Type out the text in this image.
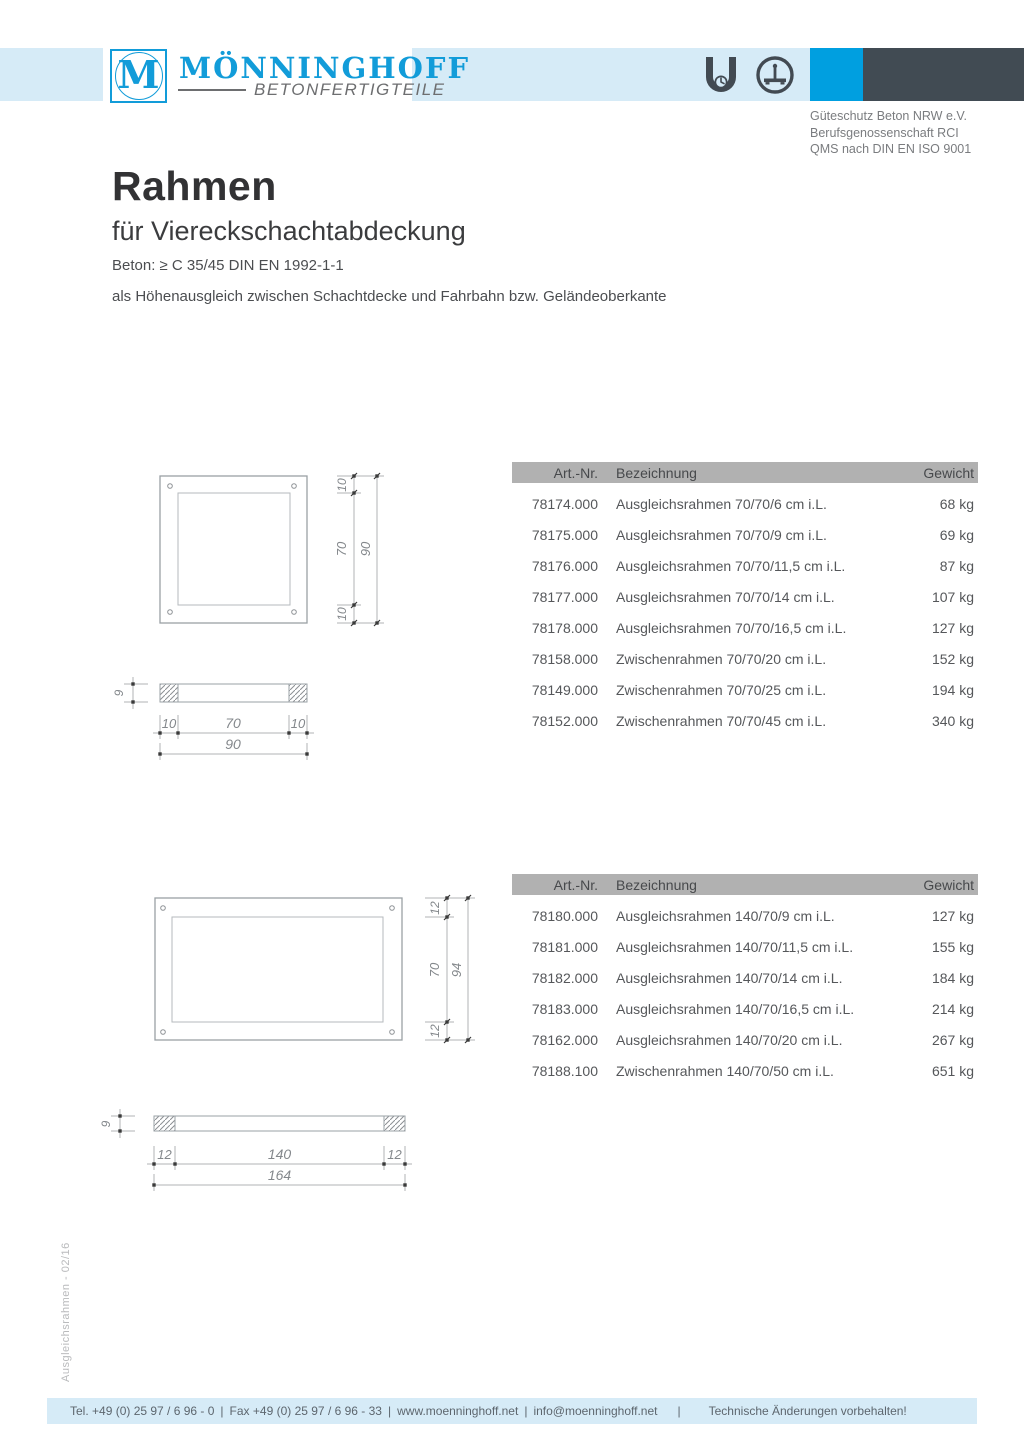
M MÖNNINGHOFF
BETONFERTIGTEILE
Güteschutz Beton NRW e.V.
Berufsgenossenschaft RCI
QMS nach DIN EN ISO 9001
Rahmen
für Viereckschachtabdeckung
Beton: ≥ C 35/45 DIN EN 1992-1-1
als Höhenausgleich zwischen Schachtdecke und Fahrbahn bzw. Geländeoberkante
10
70
10
90
9
10	70	10
90
Art.-Nr.	Bezeichnung	Gewicht
78174.000	Ausgleichsrahmen 70/70/6 cm i.L.	68 kg
78175.000	Ausgleichsrahmen 70/70/9 cm i.L.	69 kg
78176.000	Ausgleichsrahmen 70/70/11,5 cm i.L.	87 kg
78177.000	Ausgleichsrahmen 70/70/14 cm i.L.	107 kg
78178.000	Ausgleichsrahmen 70/70/16,5 cm i.L.	127 kg
78158.000	Zwischenrahmen 70/70/20 cm i.L.	152 kg
78149.000	Zwischenrahmen 70/70/25 cm i.L.	194 kg
78152.000	Zwischenrahmen 70/70/45 cm i.L.	340 kg
12
70
12
94
9
12	140	12
164
Art.-Nr.	Bezeichnung	Gewicht
78180.000	Ausgleichsrahmen 140/70/9 cm i.L.	127 kg
78181.000	Ausgleichsrahmen 140/70/11,5 cm i.L.	155 kg
78182.000	Ausgleichsrahmen 140/70/14 cm i.L.	184 kg
78183.000	Ausgleichsrahmen 140/70/16,5 cm i.L.	214 kg
78162.000	Ausgleichsrahmen 140/70/20 cm i.L.	267 kg
78188.100	Zwischenrahmen 140/70/50 cm i.L.	651 kg
Ausgleichsrahmen - 02/16
Tel. +49 (0) 25 97 / 6 96 - 0 | Fax +49 (0) 25 97 / 6 96 - 33 | www.moenninghoff.net | info@moenninghoff.net | Technische Änderungen vorbehalten!
